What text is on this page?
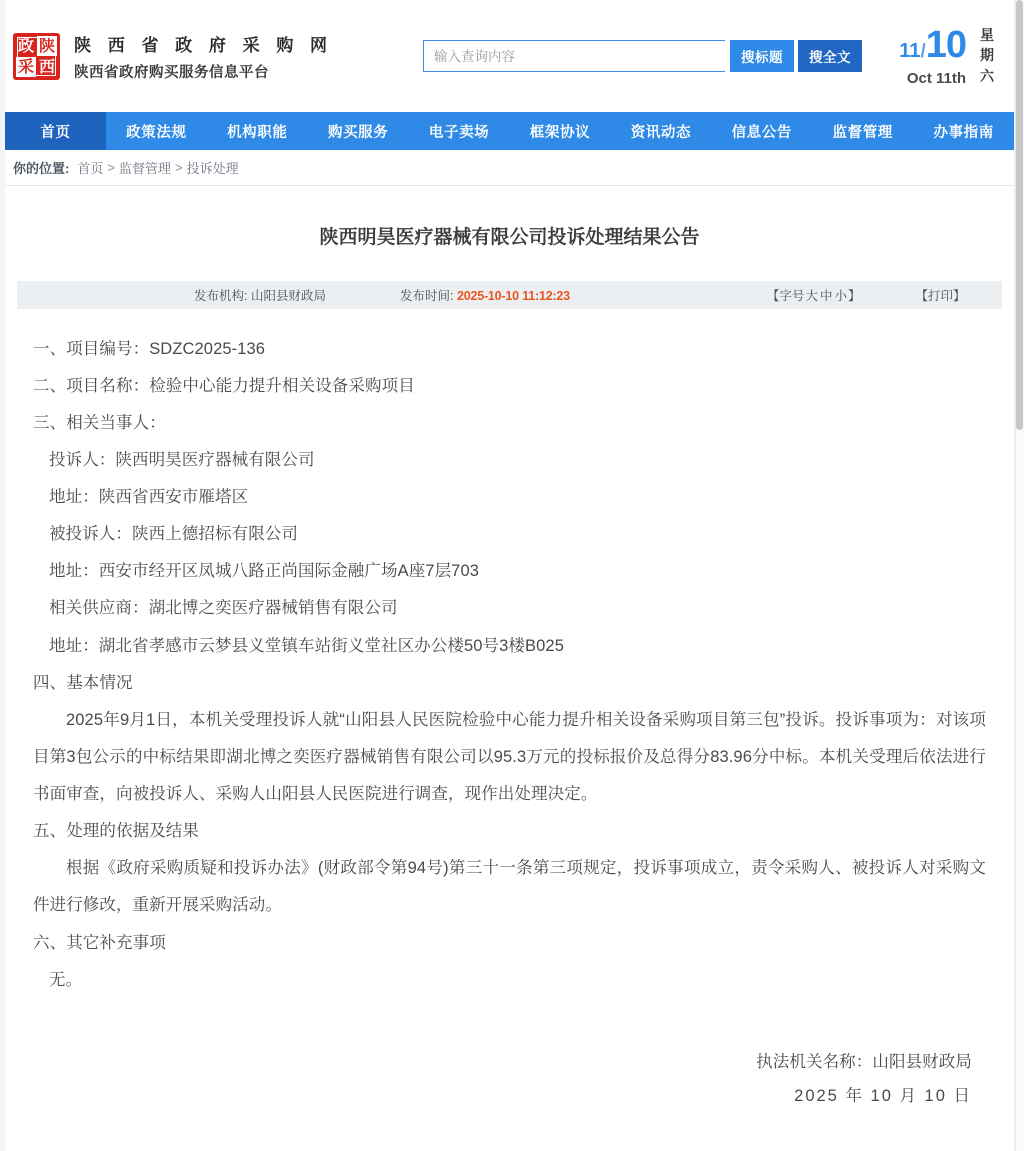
政 陕
采 西
陕 西 省 政 府 采 购 网
陕西省政府购买服务信息平台
输入查询内容
搜标题	搜全文	11/10
Oct 11th
星
期
六
首页	政策法规	机构职能	购买服务	电子卖场	框架协议	资讯动态	信息公告	监督管理	办事指南
你的位置: 首页 > 监督管理 > 投诉处理
陕西明昊医疗器械有限公司投诉处理结果公告
发布机构: 山阳县财政局	发布时间: 2025-10-10 11:12:23	【字号大 中 小】	【打印】

一、项目编号：SDZC2025-136

二、项目名称：检验中心能力提升相关设备采购项目

三、相关当事人：

投诉人：陕西明昊医疗器械有限公司

地址：陕西省西安市雁塔区

被投诉人：陕西上德招标有限公司

地址：西安市经开区凤城八路正尚国际金融广场A座7层703

相关供应商：湖北博之奕医疗器械销售有限公司

地址：湖北省孝感市云梦县义堂镇车站街义堂社区办公楼50号3楼B025

四、基本情况

2025年9月1日，本机关受理投诉人就“山阳县人民医院检验中心能力提升相关设备采购项目第三包”投诉。投诉事项为：对该项目第3包公示的中标结果即湖北博之奕医疗器械销售有限公司以95.3万元的投标报价及总得分83.96分中标。本机关受理后依法进行书面审查，向被投诉人、采购人山阳县人民医院进行调查，现作出处理决定。

五、处理的依据及结果

根据《政府采购质疑和投诉办法》(财政部令第94号)第三十一条第三项规定，投诉事项成立，责令采购人、被投诉人对采购文件进行修改，重新开展采购活动。

六、其它补充事项

无。

执法机关名称：山阳县财政局
2025 年 10 月 10 日
